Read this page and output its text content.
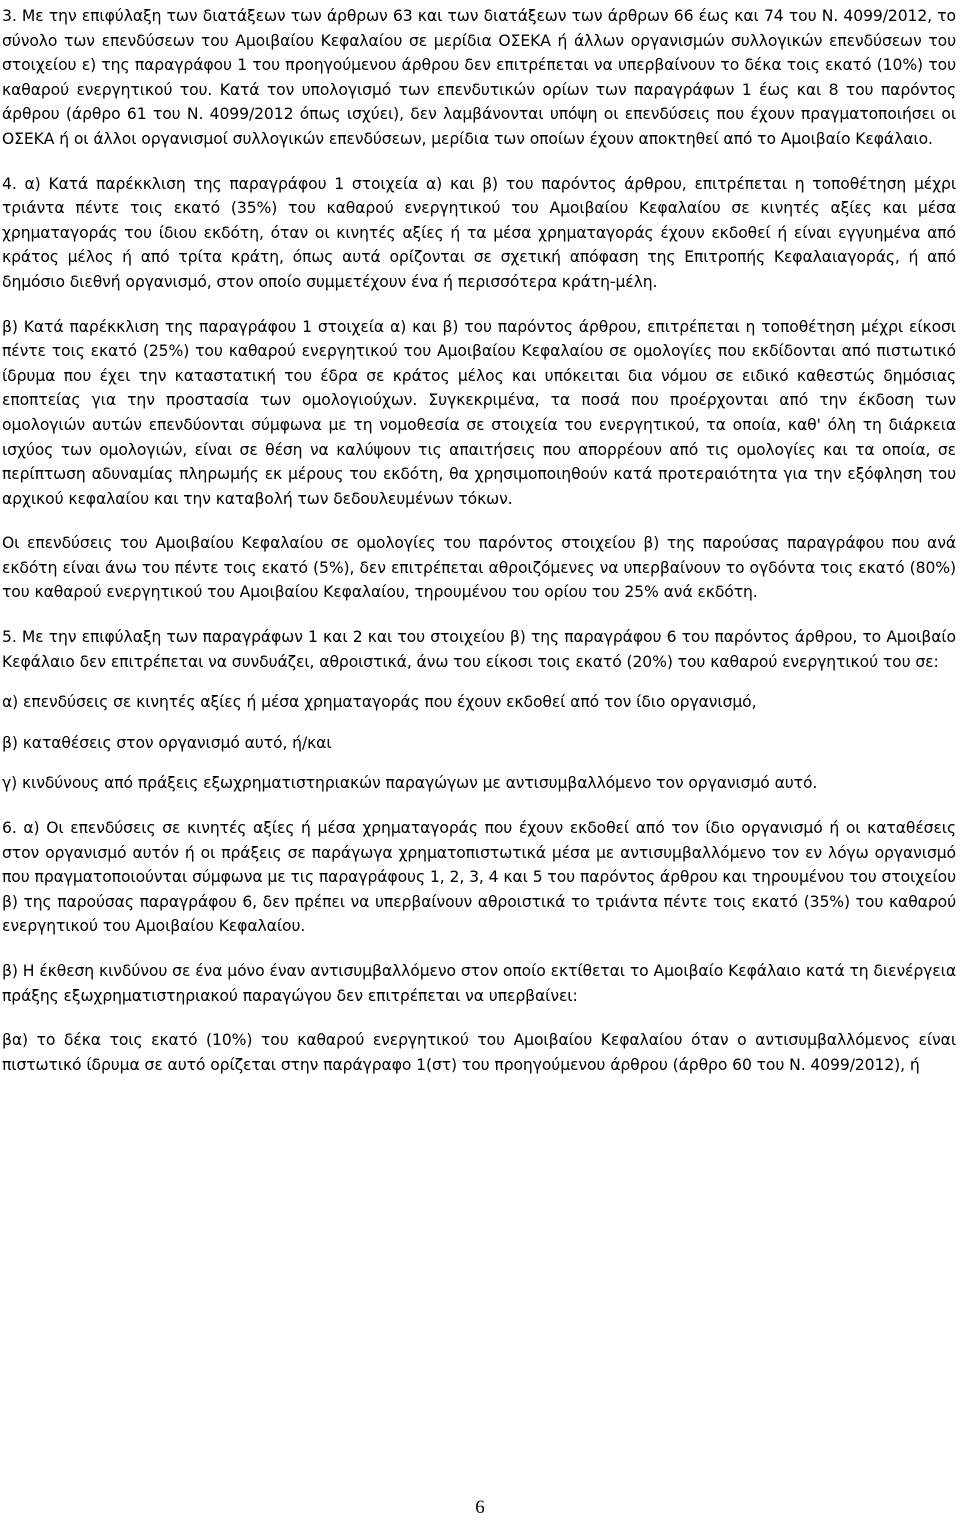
3. Με την επιφύλαξη των διατάξεων των άρθρων 63 και των διατάξεων των άρθρων 66 έως και 74 του Ν. 4099/2012, το σύνολο των επενδύσεων του Αμοιβαίου Κεφαλαίου σε μερίδια ΟΣΕΚΑ ή άλλων οργανισμών συλλογικών επενδύσεων του στοιχείου ε) της παραγράφου 1 του προηγούμενου άρθρου δεν επιτρέπεται να υπερβαίνουν το δέκα τοις εκατό (10%) του καθαρού ενεργητικού του. Κατά τον υπολογισμό των επενδυτικών ορίων των παραγράφων 1 έως και 8 του παρόντος άρθρου (άρθρο 61 του Ν. 4099/2012 όπως ισχύει), δεν λαμβάνονται υπόψη οι επενδύσεις που έχουν πραγματοποιήσει οι ΟΣΕΚΑ ή οι άλλοι οργανισμοί συλλογικών επενδύσεων, μερίδια των οποίων έχουν αποκτηθεί από το Αμοιβαίο Κεφάλαιο.

4. α) Κατά παρέκκλιση της παραγράφου 1 στοιχεία α) και β) του παρόντος άρθρου, επιτρέπεται η τοποθέτηση μέχρι τριάντα πέντε τοις εκατό (35%) του καθαρού ενεργητικού του Αμοιβαίου Κεφαλαίου σε κινητές αξίες και μέσα χρηματαγοράς του ίδιου εκδότη, όταν οι κινητές αξίες ή τα μέσα χρηματαγοράς έχουν εκδοθεί ή είναι εγγυημένα από κράτος μέλος ή από τρίτα κράτη, όπως αυτά ορίζονται σε σχετική απόφαση της Επιτροπής Κεφαλαιαγοράς, ή από δημόσιο διεθνή οργανισμό, στον οποίο συμμετέχουν ένα ή περισσότερα κράτη-μέλη.

β) Κατά παρέκκλιση της παραγράφου 1 στοιχεία α) και β) του παρόντος άρθρου, επιτρέπεται η τοποθέτηση μέχρι είκοσι πέντε τοις εκατό (25%) του καθαρού ενεργητικού του Αμοιβαίου Κεφαλαίου σε ομολογίες που εκδίδονται από πιστωτικό ίδρυμα που έχει την καταστατική του έδρα σε κράτος μέλος και υπόκειται δια νόμου σε ειδικό καθεστώς δημόσιας εποπτείας για την προστασία των ομολογιούχων. Συγκεκριμένα, τα ποσά που προέρχονται από την έκδοση των ομολογιών αυτών επενδύονται σύμφωνα με τη νομοθεσία σε στοιχεία του ενεργητικού, τα οποία, καθ' όλη τη διάρκεια ισχύος των ομολογιών, είναι σε θέση να καλύψουν τις απαιτήσεις που απορρέουν από τις ομολογίες και τα οποία, σε περίπτωση αδυναμίας πληρωμής εκ μέρους του εκδότη, θα χρησιμοποιηθούν κατά προτεραιότητα για την εξόφληση του αρχικού κεφαλαίου και την καταβολή των δεδουλευμένων τόκων.

Οι επενδύσεις του Αμοιβαίου Κεφαλαίου σε ομολογίες του παρόντος στοιχείου β) της παρούσας παραγράφου που ανά εκδότη είναι άνω του πέντε τοις εκατό (5%), δεν επιτρέπεται αθροιζόμενες να υπερβαίνουν το ογδόντα τοις εκατό (80%) του καθαρού ενεργητικού του Αμοιβαίου Κεφαλαίου, τηρουμένου του ορίου του 25% ανά εκδότη.

5. Με την επιφύλαξη των παραγράφων 1 και 2 και του στοιχείου β) της παραγράφου 6 του παρόντος άρθρου, το Αμοιβαίο Κεφάλαιο δεν επιτρέπεται να συνδυάζει, αθροιστικά, άνω του είκοσι τοις εκατό (20%) του καθαρού ενεργητικού του σε:

α) επενδύσεις σε κινητές αξίες ή μέσα χρηματαγοράς που έχουν εκδοθεί από τον ίδιο οργανισμό,

β) καταθέσεις στον οργανισμό αυτό, ή/και

γ) κινδύνους από πράξεις εξωχρηματιστηριακών παραγώγων με αντισυμβαλλόμενο τον οργανισμό αυτό.

6. α) Οι επενδύσεις σε κινητές αξίες ή μέσα χρηματαγοράς που έχουν εκδοθεί από τον ίδιο οργανισμό ή οι καταθέσεις στον οργανισμό αυτόν ή οι πράξεις σε παράγωγα χρηματοπιστωτικά μέσα με αντισυμβαλλόμενο τον εν λόγω οργανισμό που πραγματοποιούνται σύμφωνα με τις παραγράφους 1, 2, 3, 4 και 5 του παρόντος άρθρου και τηρουμένου του στοιχείου β) της παρούσας παραγράφου 6, δεν πρέπει να υπερβαίνουν αθροιστικά το τριάντα πέντε τοις εκατό (35%) του καθαρού ενεργητικού του Αμοιβαίου Κεφαλαίου.

β) Η έκθεση κινδύνου σε ένα μόνο έναν αντισυμβαλλόμενο στον οποίο εκτίθεται το Αμοιβαίο Κεφάλαιο κατά τη διενέργεια πράξης εξωχρηματιστηριακού παραγώγου δεν επιτρέπεται να υπερβαίνει:

βα) το δέκα τοις εκατό (10%) του καθαρού ενεργητικού του Αμοιβαίου Κεφαλαίου όταν ο αντισυμβαλλόμενος είναι πιστωτικό ίδρυμα σε αυτό ορίζεται στην παράγραφο 1(στ) του προηγούμενου άρθρου (άρθρο 60 του Ν. 4099/2012), ή

6
